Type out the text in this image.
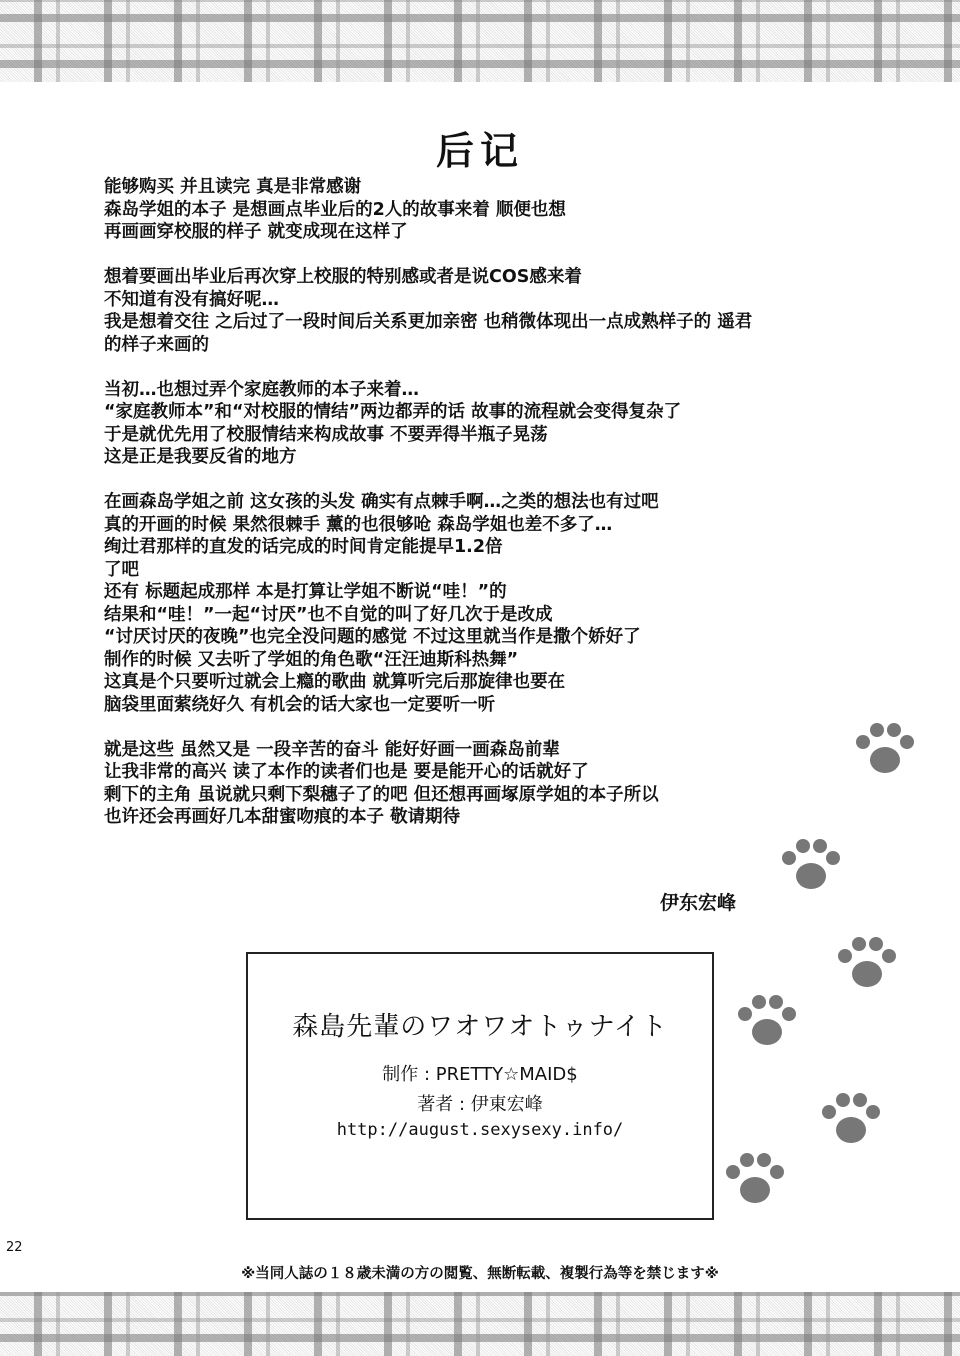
后记
能够购买 并且读完 真是非常感谢
森岛学姐的本子 是想画点毕业后的2人的故事来着 顺便也想
再画画穿校服的样子 就变成现在这样了
想着要画出毕业后再次穿上校服的特别感或者是说COS感来着
不知道有没有搞好呢…
我是想着交往 之后过了一段时间后关系更加亲密 也稍微体现出一点成熟样子的 遥君
的样子来画的
当初…也想过弄个家庭教师的本子来着…
“家庭教师本”和“对校服的情结”两边都弄的话 故事的流程就会变得复杂了
于是就优先用了校服情结来构成故事 不要弄得半瓶子晃荡
这是正是我要反省的地方
在画森岛学姐之前 这女孩的头发 确实有点棘手啊…之类的想法也有过吧
真的开画的时候 果然很棘手 薰的也很够呛 森岛学姐也差不多了…
绚辻君那样的直发的话完成的时间肯定能提早1.2倍
了吧
还有 标题起成那样 本是打算让学姐不断说“哇！”的
结果和“哇！”一起“讨厌”也不自觉的叫了好几次于是改成
“讨厌讨厌的夜晚”也完全没问题的感觉 不过这里就当作是撒个娇好了
制作的时候 又去听了学姐的角色歌“汪汪迪斯科热舞”
这真是个只要听过就会上瘾的歌曲 就算听完后那旋律也要在
脑袋里面萦绕好久 有机会的话大家也一定要听一听
就是这些 虽然又是 一段辛苦的奋斗 能好好画一画森岛前辈
让我非常的高兴 读了本作的读者们也是 要是能开心的话就好了
剩下的主角 虽说就只剩下梨穗子了的吧 但还想再画塚原学姐的本子所以
也许还会再画好几本甜蜜吻痕的本子 敬请期待
伊东宏峰
森島先輩のワオワオトゥナイト
制作 : PRETTY☆MAID$
著者 : 伊東宏峰
http://august.sexysexy.info/
22
※当同人誌の１８歳未満の方の閲覧、無断転載、複製行為等を禁じます※
